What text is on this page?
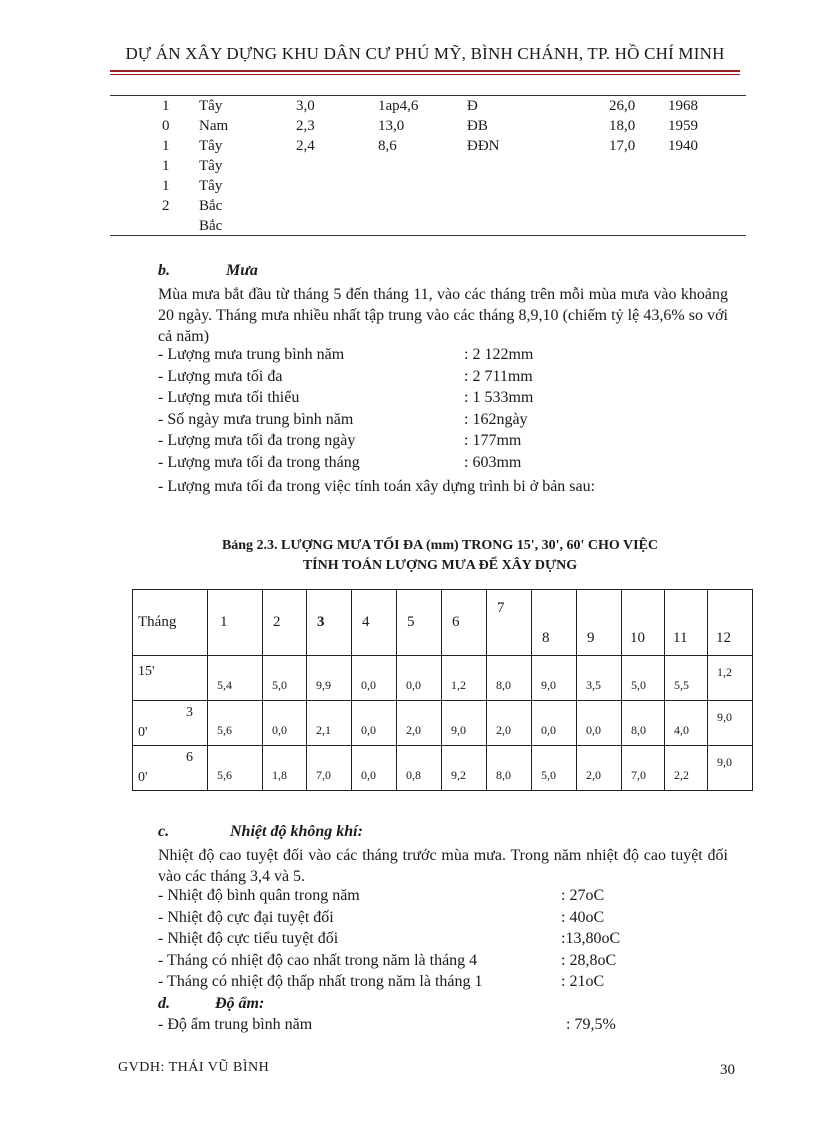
DỰ ÁN XÂY DỰNG KHU DÂN CƯ PHÚ MỸ, BÌNH CHÁNH, TP. HỒ CHÍ MINH
1 Tây	3,0	1ap4,6	Đ	26,0 1968
0 Nam	2,3	13,0	ĐB	18,0 1959
1 Tây	2,4	8,6	ĐĐN	17,0 1940
1 Tây
1 Tây
2 Bắc
Bắc
b.	Mưa
Mùa mưa bắt đầu từ tháng 5 đến tháng 11, vào các tháng trên mỗi mùa mưa vào khoảng 20 ngày. Tháng mưa nhiều nhất tập trung vào các tháng 8,9,10 (chiếm tỷ lệ 43,6% so với cả năm)
- Lượng mưa trung bình năm	: 2 122mm
- Lượng mưa tối đa	: 2 711mm
- Lượng mưa tối thiểu	: 1 533mm
- Số ngày mưa trung bình năm	: 162ngày
- Lượng mưa tối đa trong ngày	: 177mm
- Lượng mưa tối đa trong tháng	: 603mm
- Lượng mưa tối đa trong việc tính toán xây dựng trình bi ở bản sau:
Bảng 2.3. LƯỢNG MƯA TỐI ĐA (mm) TRONG 15', 30', 60' CHO VIỆC
TÍNH TOÁN LƯỢNG MƯA ĐỂ XÂY DỰNG
Tháng	1	2	3	4	5	6	7	8	9	10	11	12

15'	5,4	5,0	9,9	0,0	0,0	1,2	8,0	9,0	3,5	5,0	5,5	1,2

3
0'	5,6	0,0	2,1	0,0	2,0	9,0	2,0	0,0	0,0	8,0	4,0	9,0

6
0'	5,6	1,8	7,0	0,0	0,8	9,2	8,0	5,0	2,0	7,0	2,2	9,0
c.	Nhiệt độ không khí:
Nhiệt độ cao tuyệt đối vào các tháng trước mùa mưa. Trong năm nhiệt độ cao tuyệt đối vào các tháng 3,4 và 5.
- Nhiệt độ bình quân trong năm	: 27oC
- Nhiệt độ cực đại tuyệt đối	: 40oC
- Nhiệt độ cực tiểu tuyệt đối	:13,80oC
- Tháng có nhiệt độ cao nhất trong năm là tháng 4	: 28,8oC
- Tháng có nhiệt độ thấp nhất trong năm là tháng 1	: 21oC
d.	Độ ẩm:
- Độ ẩm trung bình năm	: 79,5%
GVDH: THÁI VŨ BÌNH	30
